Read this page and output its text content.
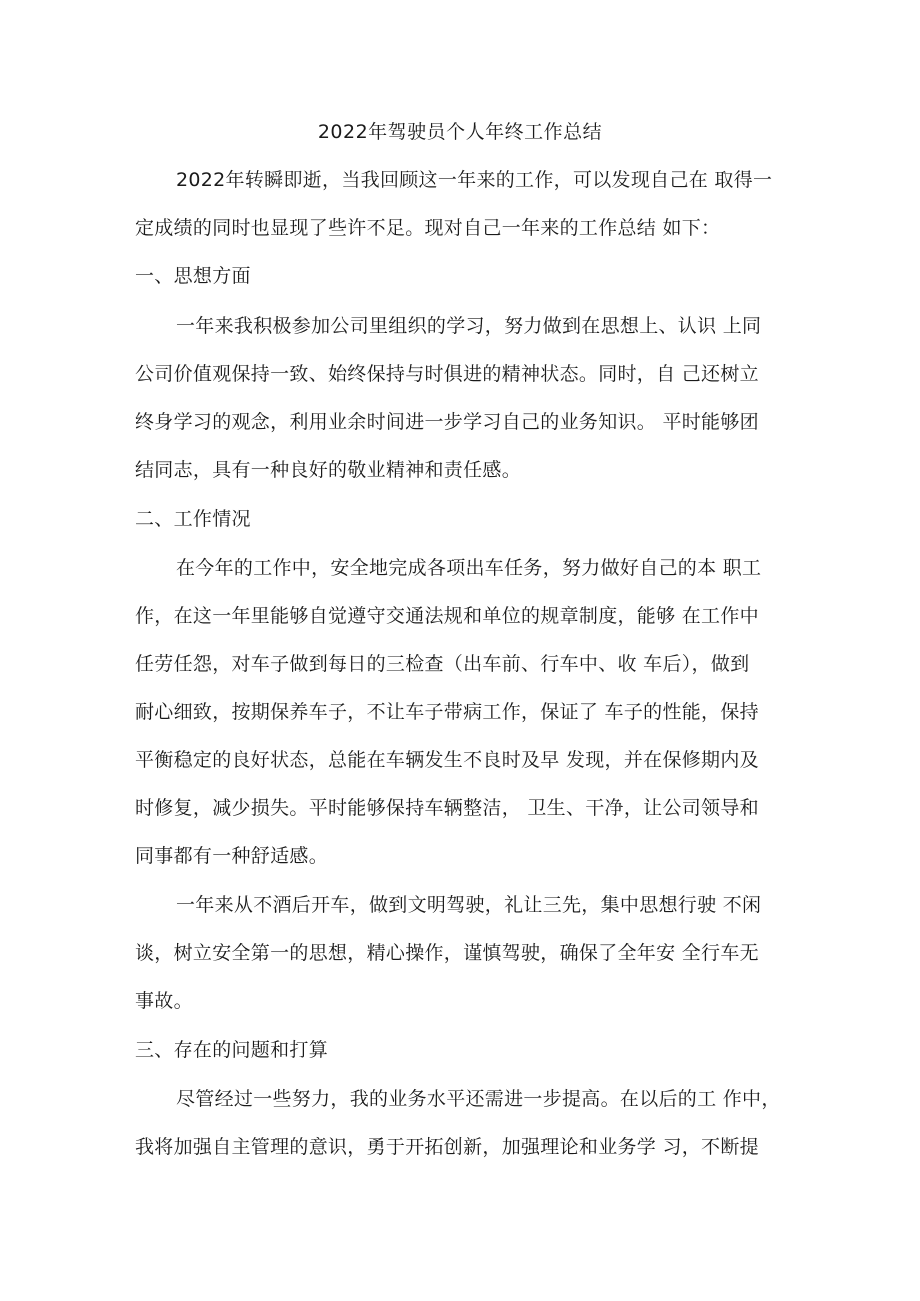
2022年驾驶员个人年终工作总结
2022年转瞬即逝，当我回顾这一年来的工作，可以发现自己在 取得一
定成绩的同时也显现了些许不足。现对自己一年来的工作总结 如下：
一、思想方面
一年来我积极参加公司里组织的学习，努力做到在思想上、认识 上同
公司价值观保持一致、始终保持与时俱进的精神状态。同时，自 己还树立
终身学习的观念，利用业余时间进一步学习自己的业务知识。 平时能够团
结同志，具有一种良好的敬业精神和责任感。
二、工作情况
在今年的工作中，安全地完成各项出车任务，努力做好自己的本 职工
作，在这一年里能够自觉遵守交通法规和单位的规章制度，能够 在工作中
任劳任怨，对车子做到每日的三检查（出车前、行车中、收 车后），做到
耐心细致，按期保养车子，不让车子带病工作，保证了 车子的性能，保持
平衡稳定的良好状态，总能在车辆发生不良时及早 发现，并在保修期内及
时修复，减少损失。平时能够保持车辆整洁， 卫生、干净，让公司领导和
同事都有一种舒适感。
一年来从不酒后开车，做到文明驾驶，礼让三先，集中思想行驶 不闲
谈，树立安全第一的思想，精心操作，谨慎驾驶，确保了全年安 全行车无
事故。
三、存在的问题和打算
尽管经过一些努力，我的业务水平还需进一步提高。在以后的工 作中，
我将加强自主管理的意识，勇于开拓创新，加强理论和业务学 习，不断提
